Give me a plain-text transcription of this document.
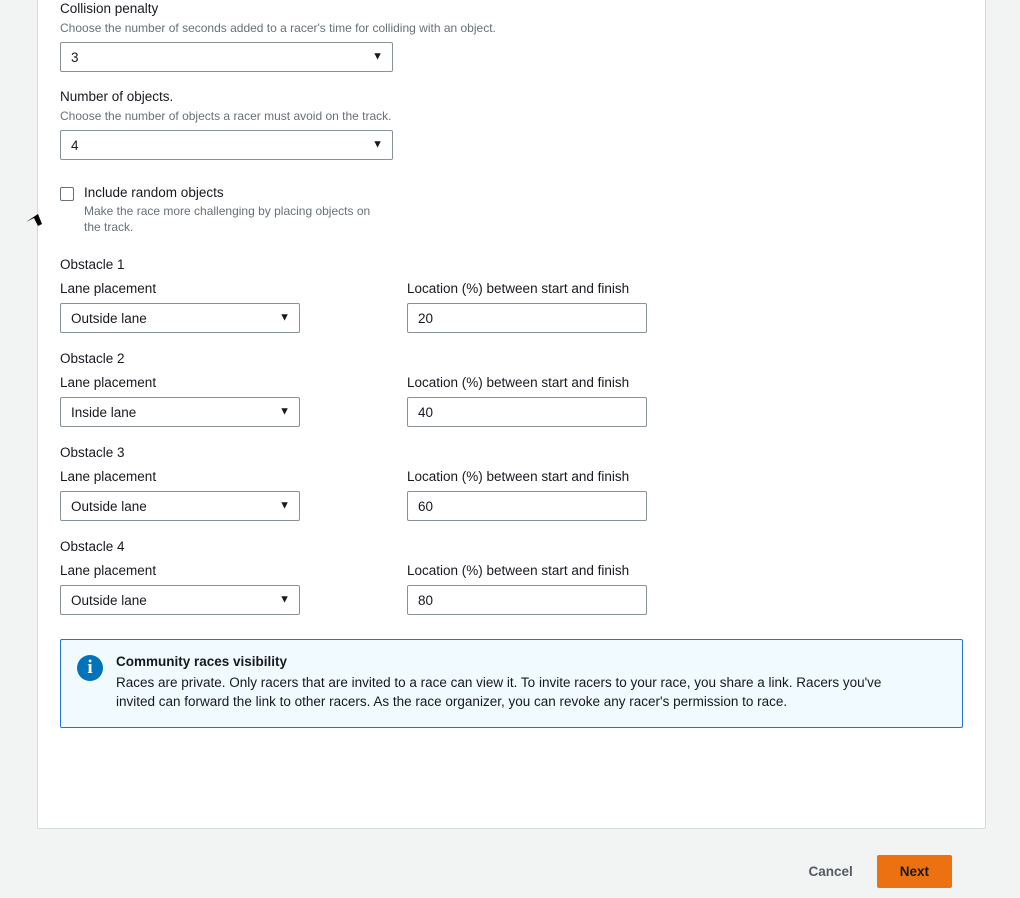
Collision penalty
Choose the number of seconds added to a racer's time for colliding with an object.
3	▼
Number of objects.
Choose the number of objects a racer must avoid on the track.
4	▼
Include random objects
Make the race more challenging by placing objects on the track.
Obstacle 1
Lane placement
Outside lane	▼
Location (%) between start and finish
20
Obstacle 2
Lane placement
Inside lane	▼
Location (%) between start and finish
40
Obstacle 3
Lane placement
Outside lane	▼
Location (%) between start and finish
60
Obstacle 4
Lane placement
Outside lane	▼
Location (%) between start and finish
80
i	Community races visibility
Races are private. Only racers that are invited to a race can view it. To invite racers to your race, you share a link. Racers you've invited can forward the link to other racers. As the race organizer, you can revoke any racer's permission to race.
Cancel	Next
